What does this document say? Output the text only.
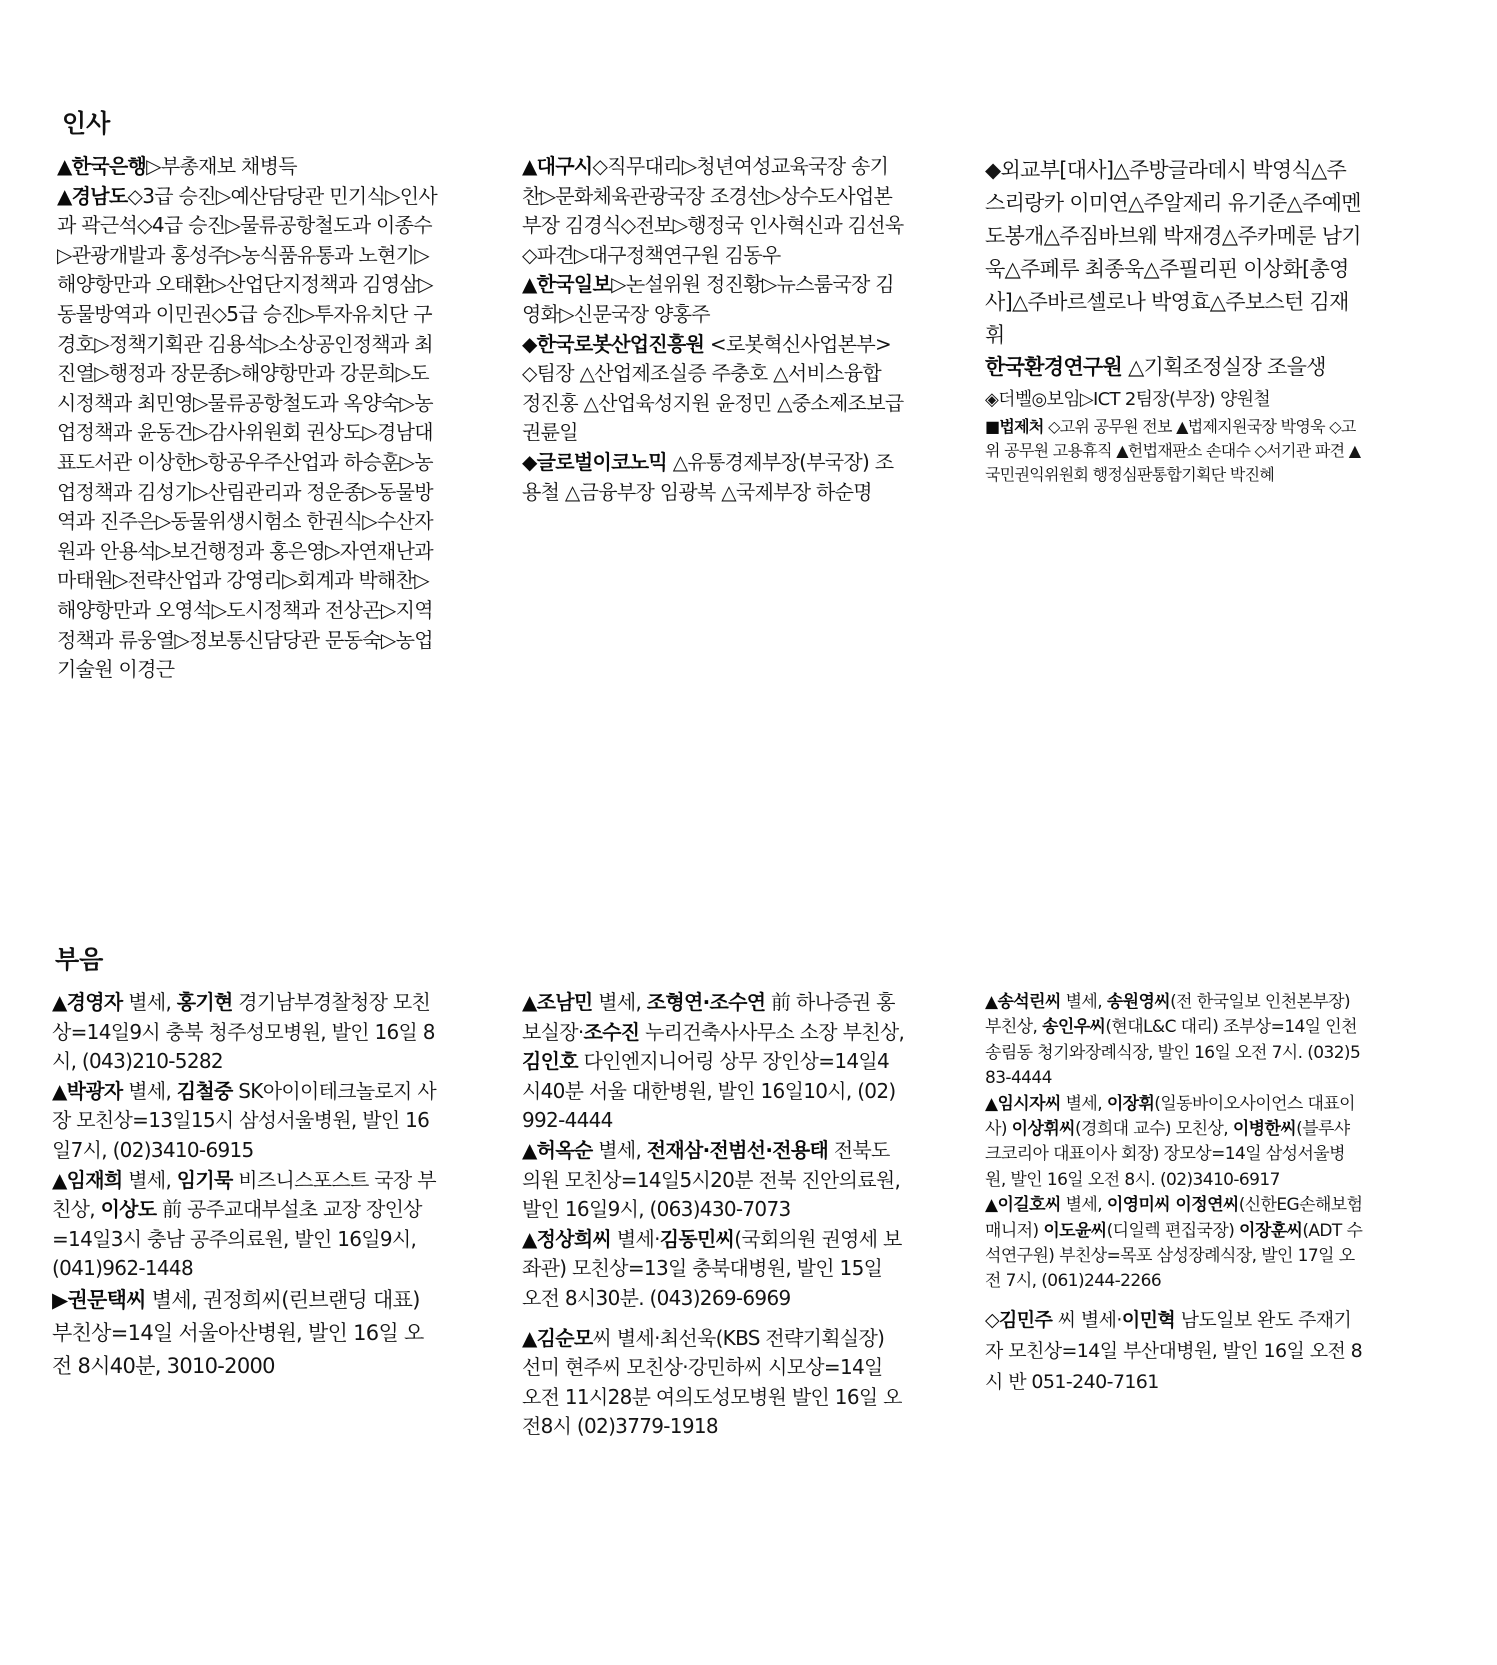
인사

▲한국은행▷부총재보 채병득

▲경남도◇3급 승진▷예산담당관 민기식▷인사과 곽근석◇4급 승진▷물류공항철도과 이종수▷관광개발과 홍성주▷농식품유통과 노현기▷해양항만과 오태환▷산업단지정책과 김영삼▷동물방역과 이민권◇5급 승진▷투자유치단 구경호▷정책기획관 김용석▷소상공인정책과 최진열▷행정과 장문종▷해양항만과 강문희▷도시정책과 최민영▷물류공항철도과 옥양숙▷농업정책과 윤동건▷감사위원회 권상도▷경남대표도서관 이상한▷항공우주산업과 하승훈▷농업정책과 김성기▷산림관리과 정운종▷동물방역과 진주은▷동물위생시험소 한권식▷수산자원과 안용석▷보건행정과 홍은영▷자연재난과 마태원▷전략산업과 강영리▷회계과 박해찬▷해양항만과 오영석▷도시정책과 전상곤▷지역정책과 류웅열▷정보통신담당관 문동숙▷농업기술원 이경근

▲대구시◇직무대리▷청년여성교육국장 송기찬▷문화체육관광국장 조경선▷상수도사업본부장 김경식◇전보▷행정국 인사혁신과 김선욱◇파견▷대구정책연구원 김동우

▲한국일보▷논설위원 정진황▷뉴스룸국장 김영화▷신문국장 양홍주

◆한국로봇산업진흥원 <로봇혁신사업본부>◇팀장 △산업제조실증 주충호 △서비스융합 정진홍 △산업육성지원 윤정민 △중소제조보급 권륜일

◆글로벌이코노믹 △유통경제부장(부국장) 조용철 △금융부장 임광복 △국제부장 하순명

◆외교부[대사]△주방글라데시 박영식△주스리랑카 이미연△주알제리 유기준△주예멘 도봉개△주짐바브웨 박재경△주카메룬 남기욱△주페루 최종욱△주필리핀 이상화[총영사]△주바르셀로나 박영효△주보스턴 김재휘

한국환경연구원 △기획조정실장 조을생

◈더벨◎보임▷ICT 2팀장(부장) 양원철

■법제처 ◇고위 공무원 전보 ▲법제지원국장 박영욱 ◇고위 공무원 고용휴직 ▲헌법재판소 손대수 ◇서기관 파견 ▲국민권익위원회 행정심판통합기획단 박진혜

부음

▲경영자 별세, 홍기현 경기남부경찰청장 모친상=14일9시 충북 청주성모병원, 발인 16일 8시, (043)210-5282

▲박광자 별세, 김철중 SK아이이테크놀로지 사장 모친상=13일15시 삼성서울병원, 발인 16일7시, (02)3410-6915

▲임재희 별세, 임기묵 비즈니스포스트 국장 부친상, 이상도 前 공주교대부설초 교장 장인상=14일3시 충남 공주의료원, 발인 16일9시, (041)962-1448

▶권문택씨 별세, 권정희씨(린브랜딩 대표) 부친상=14일 서울아산병원, 발인 16일 오전 8시40분, 3010-2000

▲조남민 별세, 조형연·조수연 前 하나증권 홍보실장·조수진 누리건축사사무소 소장 부친상, 김인호 다인엔지니어링 상무 장인상=14일4시40분 서울 대한병원, 발인 16일10시, (02)992-4444

▲허옥순 별세, 전재삼·전범선·전용태 전북도의원 모친상=14일5시20분 전북 진안의료원, 발인 16일9시, (063)430-7073

▲정상희씨 별세·김동민씨(국회의원 권영세 보좌관) 모친상=13일 충북대병원, 발인 15일 오전 8시30분. (043)269-6969

▲김순모씨 별세·최선욱(KBS 전략기획실장) 선미 현주씨 모친상·강민하씨 시모상=14일 오전 11시28분 여의도성모병원 발인 16일 오전8시 (02)3779-1918

▲송석린씨 별세, 송원영씨(전 한국일보 인천본부장) 부친상, 송인우씨(현대L&C 대리) 조부상=14일 인천 송림동 청기와장례식장, 발인 16일 오전 7시. (032)583-4444

▲임시자씨 별세, 이장휘(일동바이오사이언스 대표이사) 이상휘씨(경희대 교수) 모친상, 이병한씨(블루샤크코리아 대표이사 회장) 장모상=14일 삼성서울병원, 발인 16일 오전 8시. (02)3410-6917

▲이길호씨 별세, 이영미씨 이정연씨(신한EG손해보험 매니저) 이도윤씨(디일렉 편집국장) 이장훈씨(ADT 수석연구원) 부친상=목포 삼성장례식장, 발인 17일 오전 7시, (061)244-2266

◇김민주 씨 별세·이민혁 남도일보 완도 주재기자 모친상=14일 부산대병원, 발인 16일 오전 8시 반 051-240-7161
